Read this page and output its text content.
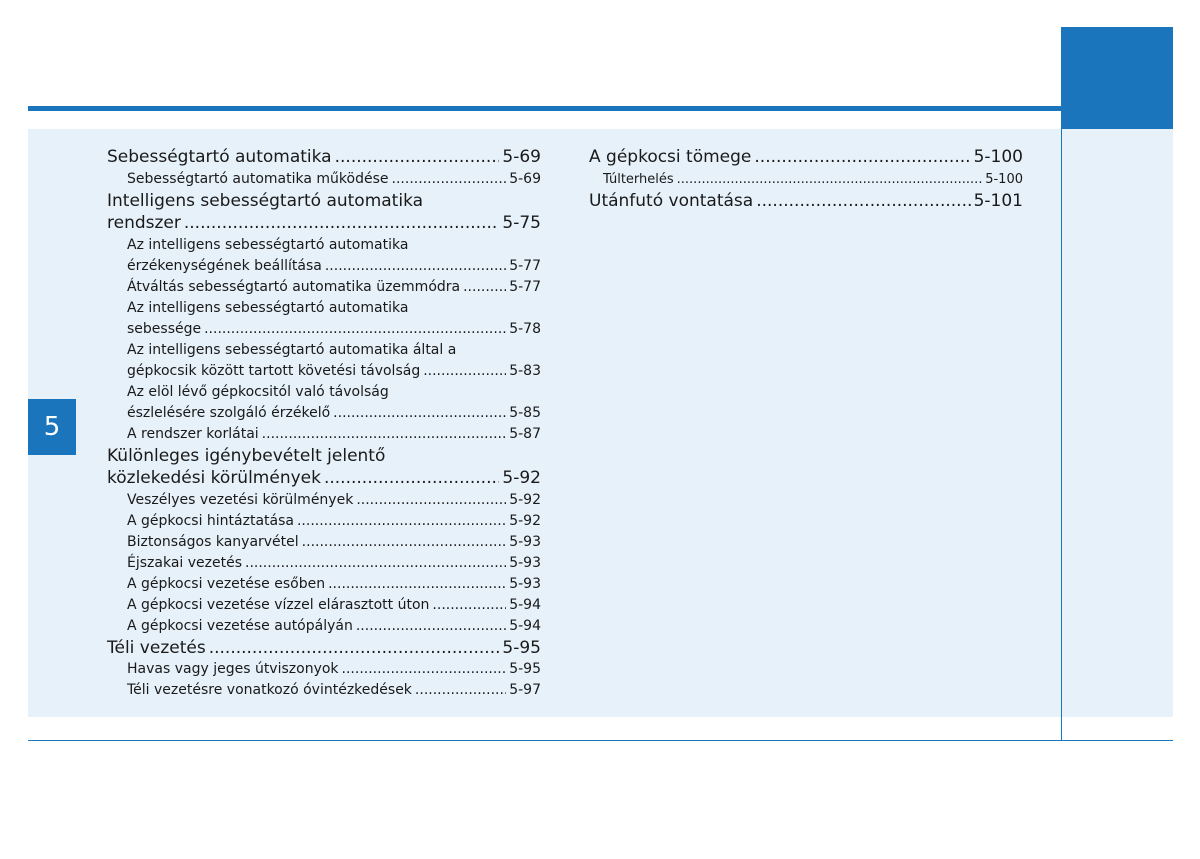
5
Sebességtartó automatika .....	5-69
Sebességtartó automatika működése .....	5-69
Intelligens sebességtartó automatika
rendszer .....	5-75
Az intelligens sebességtartó automatika
érzékenységének beállítása .....	5-77
Átváltás sebességtartó automatika üzemmódra .....	5-77
Az intelligens sebességtartó automatika
sebessége .....	5-78
Az intelligens sebességtartó automatika által a
gépkocsik között tartott követési távolság .....	5-83
Az elöl lévő gépkocsitól való távolság
észlelésére szolgáló érzékelő .....	5-85
A rendszer korlátai .....	5-87
Különleges igénybevételt jelentő
közlekedési körülmények .....	5-92
Veszélyes vezetési körülmények .....	5-92
A gépkocsi hintáztatása .....	5-92
Biztonságos kanyarvétel .....	5-93
Éjszakai vezetés .....	5-93
A gépkocsi vezetése esőben .....	5-93
A gépkocsi vezetése vízzel elárasztott úton .....	5-94
A gépkocsi vezetése autópályán .....	5-94
Téli vezetés .....	5-95
Havas vagy jeges útviszonyok .....	5-95
Téli vezetésre vonatkozó óvintézkedések .....	5-97
A gépkocsi tömege .....	5-100
Túlterhelés .....	5-100
Utánfutó vontatása .....	5-101
